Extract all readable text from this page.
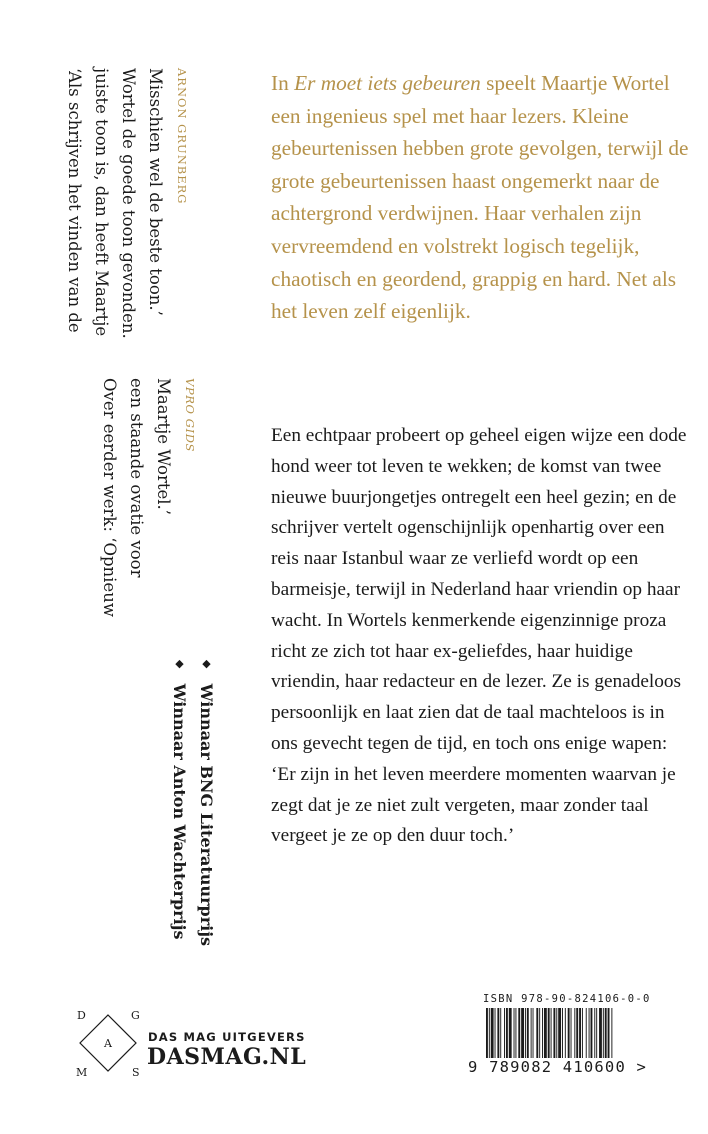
ARNON GRUNBERG
Misschien wel de beste toon.’
Wortel de goede toon gevonden.
juiste toon is, dan heeft Maartje
‘Als schrijven het vinden van de
VPRO GIDS
Maartje Wortel.’
een staande ovatie voor
Over eerder werk: ‘Opnieuw
◆ Winnaar BNG Literatuurprijs
◆ Winnaar Anton Wachterprijs

In Er moet iets gebeuren speelt Maartje Wortel een ingenieus spel met haar lezers. Kleine gebeurtenissen hebben grote gevolgen, terwijl de grote gebeurtenissen haast ongemerkt naar de achtergrond verdwijnen. Haar verhalen zijn vervreemdend en volstrekt logisch tegelijk, chaotisch en geordend, grappig en hard. Net als het leven zelf eigenlijk.

Een echtpaar probeert op geheel eigen wijze een dode hond weer tot leven te wekken; de komst van twee nieuwe buurjongetjes ontregelt een heel gezin; en de schrijver vertelt ogenschijnlijk openhartig over een reis naar Istanbul waar ze verliefd wordt op een barmeisje, terwijl in Nederland haar vriendin op haar wacht. In Wortels kenmerkende eigenzinnige proza richt ze zich tot haar ex-geliefdes, haar huidige vriendin, haar redacteur en de lezer. Ze is genadeloos persoonlijk en laat zien dat de taal machteloos is in ons gevecht tegen de tijd, en toch ons enige wapen: ‘Er zijn in het leven meerdere momenten waarvan je zegt dat je ze niet zult vergeten, maar zonder taal vergeet je ze op den duur toch.’

D	G
A
M	S
DAS MAG UITGEVERS
DASMAG.NL
ISBN 978-90-824106-0-0
9 789082 410600 >
